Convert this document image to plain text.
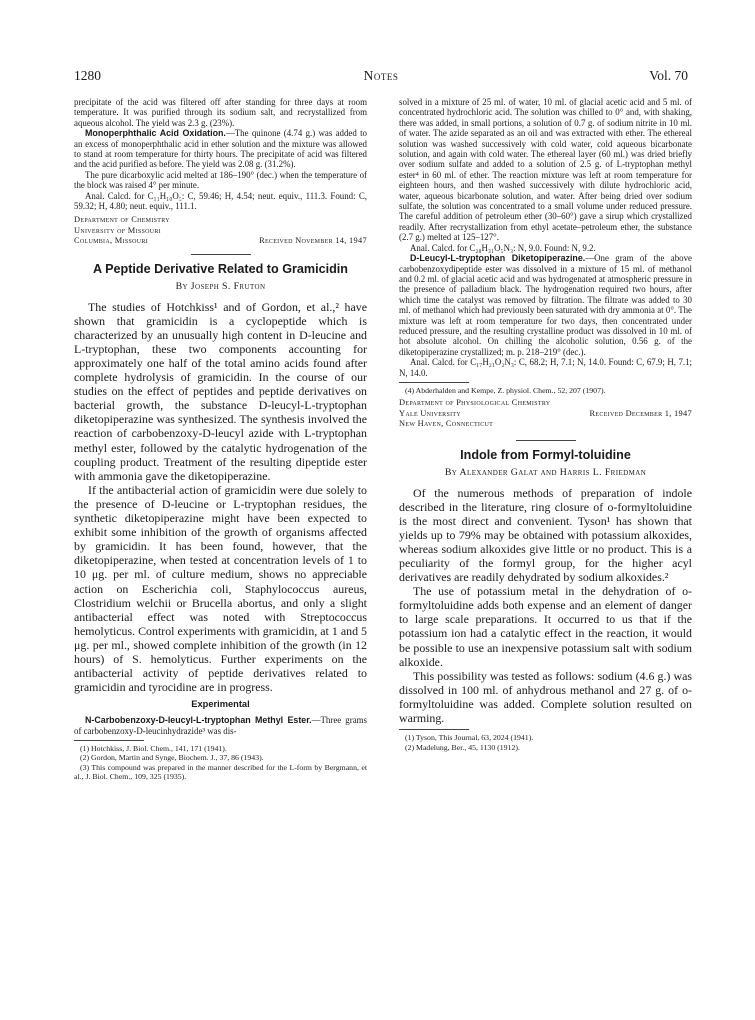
1280	Notes	Vol. 70

precipitate of the acid was filtered off after standing for three days at room temperature. It was purified through its sodium salt, and recrystallized from aqueous alcohol. The yield was 2.3 g. (23%).

Monoperphthalic Acid Oxidation.—The quinone (4.74 g.) was added to an excess of monoperphthalic acid in ether solution and the mixture was allowed to stand at room temperature for thirty hours. The precipitate of acid was filtered and the acid purified as before. The yield was 2.08 g. (31.2%).

The pure dicarboxylic acid melted at 186–190° (dec.) when the temperature of the block was raised 4° per minute.

Anal. Calcd. for C₁₁H₁₀O₅: C, 59.46; H, 4.54; neut. equiv., 111.3. Found: C, 59.32; H, 4.80; neut. equiv., 111.1.

Department of Chemistry
University of Missouri
Columbia, Missouri	Received November 14, 1947
A Peptide Derivative Related to Gramicidin
By Joseph S. Fruton

The studies of Hotchkiss¹ and of Gordon, et al.,² have shown that gramicidin is a cyclopeptide which is characterized by an unusually high content in D-leucine and L-tryptophan, these two components accounting for approximately one half of the total amino acids found after complete hydrolysis of gramicidin. In the course of our studies on the effect of peptides and peptide derivatives on bacterial growth, the substance D-leucyl-L-tryptophan diketopiperazine was synthesized. The synthesis involved the reaction of carbobenzoxy-D-leucyl azide with L-tryptophan methyl ester, followed by the catalytic hydrogenation of the coupling product. Treatment of the resulting dipeptide ester with ammonia gave the diketopiperazine.

If the antibacterial action of gramicidin were due solely to the presence of D-leucine or L-tryptophan residues, the synthetic diketopiperazine might have been expected to exhibit some inhibition of the growth of organisms affected by gramicidin. It has been found, however, that the diketopiperazine, when tested at concentration levels of 1 to 10 μg. per ml. of culture medium, shows no appreciable action on Escherichia coli, Staphylococcus aureus, Clostridium welchii or Brucella abortus, and only a slight antibacterial effect was noted with Streptococcus hemolyticus. Control experiments with gramicidin, at 1 and 5 μg. per ml., showed complete inhibition of the growth (in 12 hours) of S. hemolyticus. Further experiments on the antibacterial activity of peptide derivatives related to gramicidin and tyrocidine are in progress.

Experimental

N-Carbobenzoxy-D-leucyl-L-tryptophan Methyl Ester.—Three grams of carbobenzoxy-D-leucinhydrazide³ was dis-

(1) Hotchkiss, J. Biol. Chem., 141, 171 (1941).

(2) Gordon, Martin and Synge, Biochem. J., 37, 86 (1943).

(3) This compound was prepared in the manner described for the L-form by Bergmann, et al., J. Biol. Chem., 109, 325 (1935).

solved in a mixture of 25 ml. of water, 10 ml. of glacial acetic acid and 5 ml. of concentrated hydrochloric acid. The solution was chilled to 0° and, with shaking, there was added, in small portions, a solution of 0.7 g. of sodium nitrite in 10 ml. of water. The azide separated as an oil and was extracted with ether. The ethereal solution was washed successively with cold water, cold aqueous bicarbonate solution, and again with cold water. The ethereal layer (60 ml.) was dried briefly over sodium sulfate and added to a solution of 2.5 g. of L-tryptophan methyl ester⁴ in 60 ml. of ether. The reaction mixture was left at room temperature for eighteen hours, and then washed successively with dilute hydrochloric acid, water, aqueous bicarbonate solution, and water. After being dried over sodium sulfate, the solution was concentrated to a small volume under reduced pressure. The careful addition of petroleum ether (30–60°) gave a sirup which crystallized readily. After recrystallization from ethyl acetate–petroleum ether, the substance (2.7 g.) melted at 125–127°.

Anal. Calcd. for C₂₈H₃₁O₅N₃: N, 9.0. Found: N, 9.2.

D-Leucyl-L-tryptophan Diketopiperazine.—One gram of the above carbobenzoxydipeptide ester was dissolved in a mixture of 15 ml. of methanol and 0.2 ml. of glacial acetic acid and was hydrogenated at atmospheric pressure in the presence of palladium black. The hydrogenation required two hours, after which time the catalyst was removed by filtration. The filtrate was added to 30 ml. of methanol which had previously been saturated with dry ammonia at 0°. The mixture was left at room temperature for two days, then concentrated under reduced pressure, and the resulting crystalline product was dissolved in 10 ml. of hot absolute alcohol. On chilling the alcoholic solution, 0.56 g. of the diketopiperazine crystallized; m. p. 218–219° (dec.).

Anal. Calcd. for C₁₇H₂₁O₂N₃: C, 68.2; H, 7.1; N, 14.0. Found: C, 67.9; H, 7.1; N, 14.0.

(4) Abderhalden and Kempe, Z. physiol. Chem., 52, 207 (1907).

Department of Physiological Chemistry
Yale University	Received December 1, 1947
New Haven, Connecticut
Indole from Formyl-toluidine
By Alexander Galat and Harris L. Friedman

Of the numerous methods of preparation of indole described in the literature, ring closure of o-formyltoluidine is the most direct and convenient. Tyson¹ has shown that yields up to 79% may be obtained with potassium alkoxides, whereas sodium alkoxides give little or no product. This is a peculiarity of the formyl group, for the higher acyl derivatives are readily dehydrated by sodium alkoxides.²

The use of potassium metal in the dehydration of o-formyltoluidine adds both expense and an element of danger to large scale preparations. It occurred to us that if the potassium ion had a catalytic effect in the reaction, it would be possible to use an inexpensive potassium salt with sodium alkoxide.

This possibility was tested as follows: sodium (4.6 g.) was dissolved in 100 ml. of anhydrous methanol and 27 g. of o-formyltoluidine was added. Complete solution resulted on warming.

(1) Tyson, This Journal, 63, 2024 (1941).

(2) Madelung, Ber., 45, 1130 (1912).
